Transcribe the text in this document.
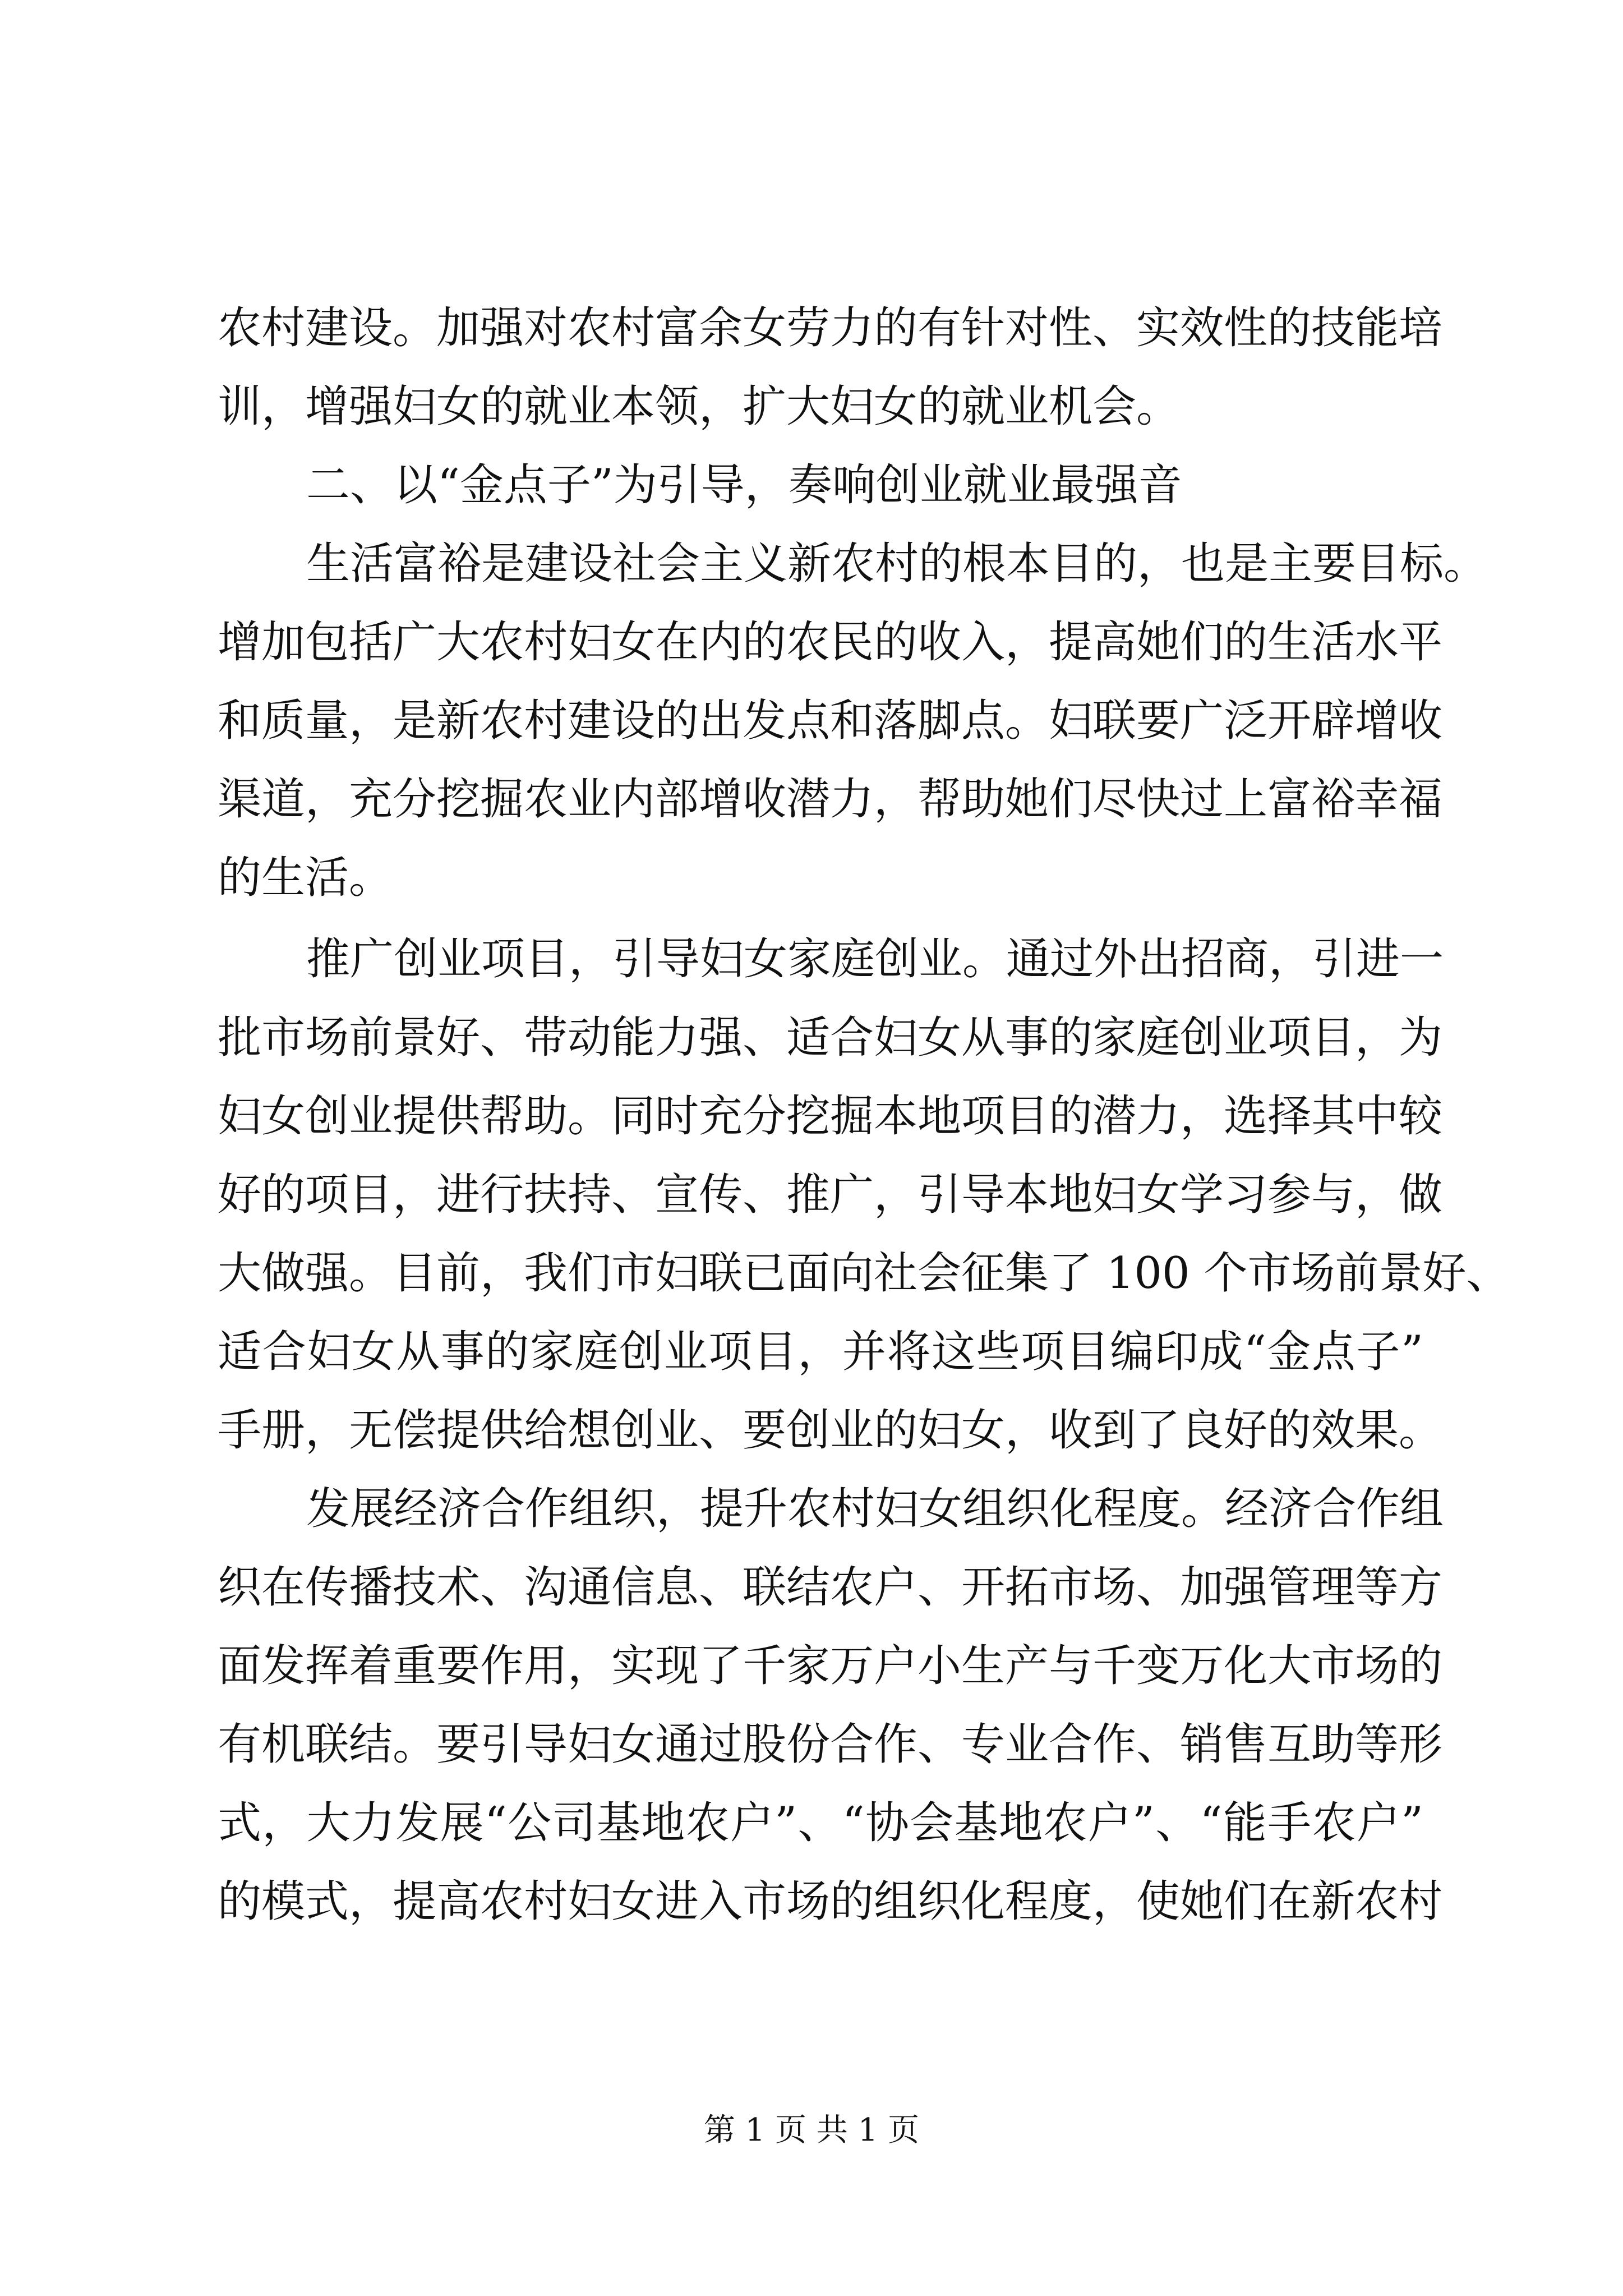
农村建设。加强对农村富余女劳力的有针对性、实效性的技能培
训，增强妇女的就业本领，扩大妇女的就业机会。
二、以“金点子”为引导，奏响创业就业最强音
生活富裕是建设社会主义新农村的根本目的，也是主要目标。
增加包括广大农村妇女在内的农民的收入，提高她们的生活水平
和质量，是新农村建设的出发点和落脚点。妇联要广泛开辟增收
渠道，充分挖掘农业内部增收潜力，帮助她们尽快过上富裕幸福
的生活。
推广创业项目，引导妇女家庭创业。通过外出招商，引进一
批市场前景好、带动能力强、适合妇女从事的家庭创业项目，为
妇女创业提供帮助。同时充分挖掘本地项目的潜力，选择其中较
好的项目，进行扶持、宣传、推广，引导本地妇女学习参与，做
大做强。目前，我们市妇联已面向社会征集了 100 个市场前景好、
适合妇女从事的家庭创业项目，并将这些项目编印成“金点子”
手册，无偿提供给想创业、要创业的妇女，收到了良好的效果。
发展经济合作组织，提升农村妇女组织化程度。经济合作组
织在传播技术、沟通信息、联结农户、开拓市场、加强管理等方
面发挥着重要作用，实现了千家万户小生产与千变万化大市场的
有机联结。要引导妇女通过股份合作、专业合作、销售互助等形
式，大力发展“公司基地农户”、“协会基地农户”、“能手农户”
的模式，提高农村妇女进入市场的组织化程度，使她们在新农村
第 1 页 共 1 页
